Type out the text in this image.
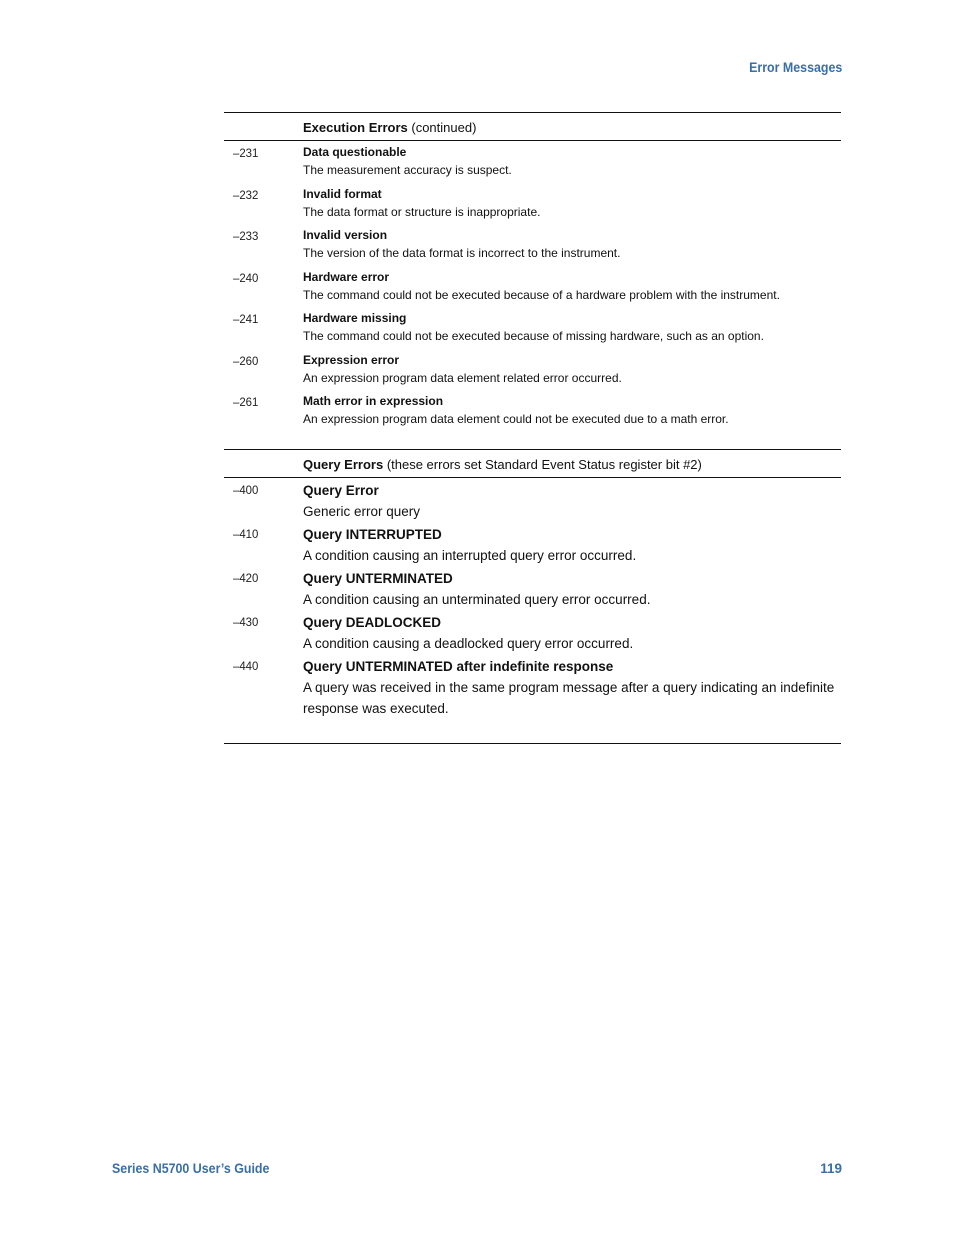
Error Messages
Execution Errors (continued)
–231	Data questionable
The measurement accuracy is suspect.
–232	Invalid format
The data format or structure is inappropriate.
–233	Invalid version
The version of the data format is incorrect to the instrument.
–240	Hardware error
The command could not be executed because of a hardware problem with the instrument.
–241	Hardware missing
The command could not be executed because of missing hardware, such as an option.
–260	Expression error
An expression program data element related error occurred.
–261	Math error in expression
An expression program data element could not be executed due to a math error.
Query Errors (these errors set Standard Event Status register bit #2)
–400	Query Error
Generic error query
–410	Query INTERRUPTED
A condition causing an interrupted query error occurred.
–420	Query UNTERMINATED
A condition causing an unterminated query error occurred.
–430	Query DEADLOCKED
A condition causing a deadlocked query error occurred.
–440	Query UNTERMINATED after indefinite response
A query was received in the same program message after a query indicating an indefinite response was executed.
Series N5700 User’s Guide	119
